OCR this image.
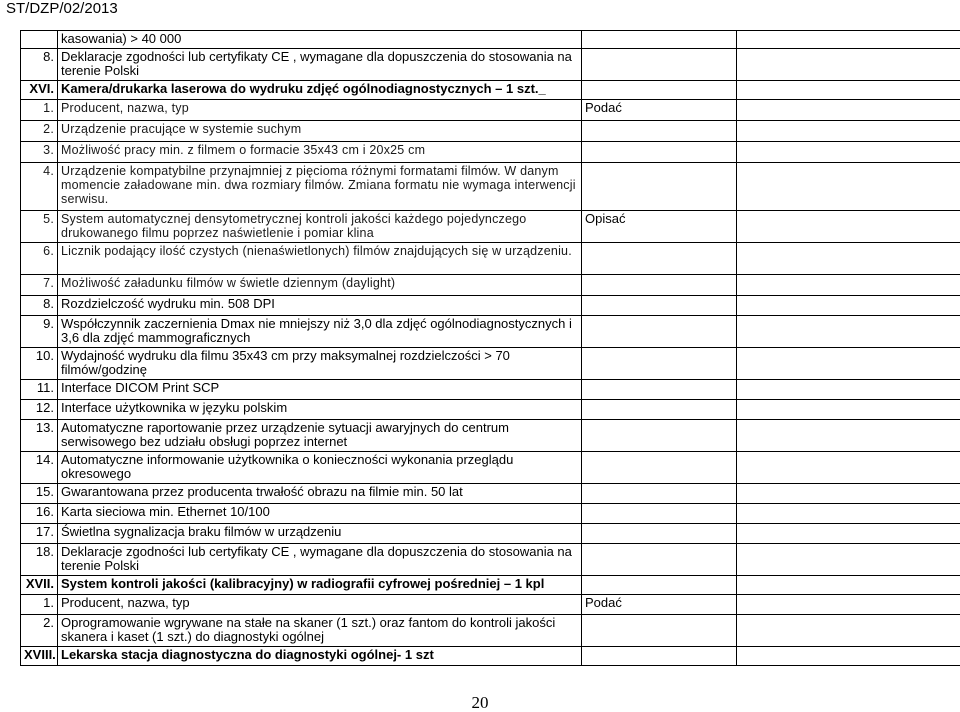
ST/DZP/02/2013
	kasowania) > 40 000		
8.	Deklaracje zgodności lub certyfikaty CE , wymagane dla dopuszczenia do stosowania na terenie Polski		
XVI.	Kamera/drukarka laserowa do wydruku zdjęć ogólnodiagnostycznych – 1 szt._		
1.	Producent, nazwa, typ	Podać	
2.	Urządzenie pracujące w systemie suchym		
3.	Możliwość pracy min. z filmem o formacie 35x43 cm i 20x25 cm		
4.	Urządzenie kompatybilne przynajmniej z pięcioma różnymi formatami filmów. W danym momencie załadowane min. dwa rozmiary filmów. Zmiana formatu nie wymaga interwencji serwisu.		
5.	System automatycznej densytometrycznej kontroli jakości każdego pojedynczego drukowanego filmu poprzez naświetlenie i pomiar klina	Opisać	
6.	Licznik podający ilość czystych (nienaświetlonych) filmów znajdujących się w urządzeniu.		
7.	Możliwość załadunku filmów w świetle dziennym (daylight)		
8.	Rozdzielczość wydruku min. 508 DPI		
9.	Współczynnik zaczernienia Dmax nie mniejszy niż 3,0 dla zdjęć ogólnodiagnostycznych i 3,6 dla zdjęć mammograficznych		
10.	Wydajność wydruku dla filmu 35x43 cm przy maksymalnej rozdzielczości > 70 filmów/godzinę		
11.	Interface DICOM Print SCP		
12.	Interface użytkownika w języku polskim		
13.	Automatyczne raportowanie przez urządzenie sytuacji awaryjnych do centrum serwisowego bez udziału obsługi poprzez internet		
14.	Automatyczne informowanie użytkownika o konieczności wykonania przeglądu okresowego		
15.	Gwarantowana przez producenta trwałość obrazu na filmie min. 50 lat		
16.	Karta sieciowa min. Ethernet 10/100		
17.	Świetlna sygnalizacja braku filmów w urządzeniu		
18.	Deklaracje zgodności lub certyfikaty CE , wymagane dla dopuszczenia do stosowania na terenie Polski		
XVII.	System kontroli jakości (kalibracyjny) w radiografii cyfrowej pośredniej – 1 kpl		
1.	Producent, nazwa, typ	Podać	
2.	Oprogramowanie wgrywane na stałe na skaner (1 szt.) oraz fantom do kontroli jakości skanera i kaset (1 szt.) do diagnostyki ogólnej		
XVIII.	Lekarska stacja diagnostyczna do diagnostyki ogólnej- 1 szt		
20
